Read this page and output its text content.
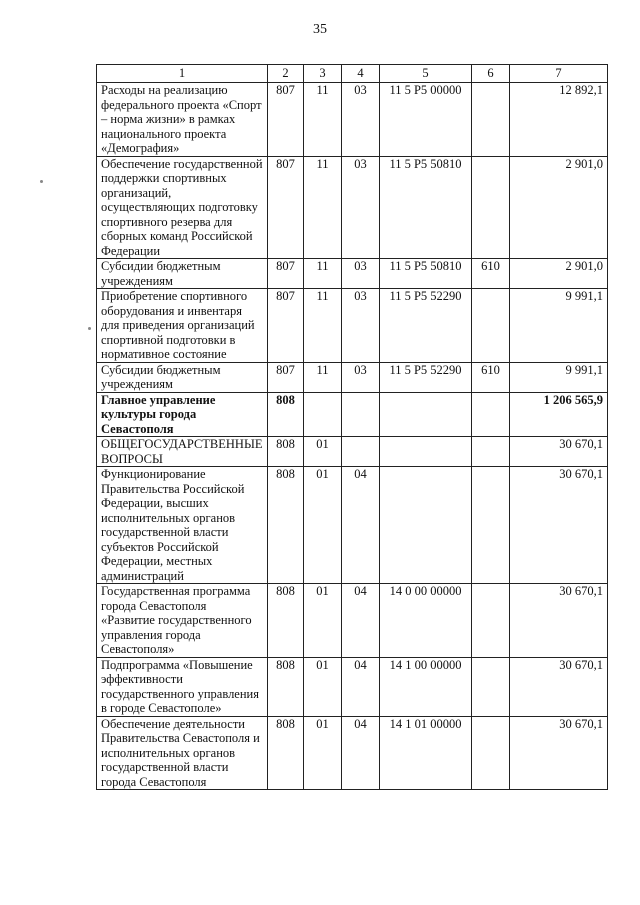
35
1	2	3	4	5	6	7
Расходы на реализацию федерального проекта «Спорт – норма жизни» в рамках национального проекта «Демография»	807	11	03	11 5 P5 00000		12 892,1
Обеспечение государственной поддержки спортивных организаций, осуществляющих подготовку спортивного резерва для сборных команд Российской Федерации	807	11	03	11 5 P5 50810		2 901,0
Субсидии бюджетным учреждениям	807	11	03	11 5 P5 50810	610	2 901,0
Приобретение спортивного оборудования и инвентаря для приведения организаций спортивной подготовки в нормативное состояние	807	11	03	11 5 P5 52290		9 991,1
Субсидии бюджетным учреждениям	807	11	03	11 5 P5 52290	610	9 991,1
Главное управление культуры города Севастополя	808					1 206 565,9
ОБЩЕГОСУДАРСТВЕННЫЕ ВОПРОСЫ	808	01				30 670,1
Функционирование Правительства Российской Федерации, высших исполнительных органов государственной власти субъектов Российской Федерации, местных администраций	808	01	04			30 670,1
Государственная программа города Севастополя «Развитие государственного управления города Севастополя»	808	01	04	14 0 00 00000		30 670,1
Подпрограмма «Повышение эффективности государственного управления в городе Севастополе»	808	01	04	14 1 00 00000		30 670,1
Обеспечение деятельности Правительства Севастополя и исполнительных органов государственной власти города Севастополя	808	01	04	14 1 01 00000		30 670,1
